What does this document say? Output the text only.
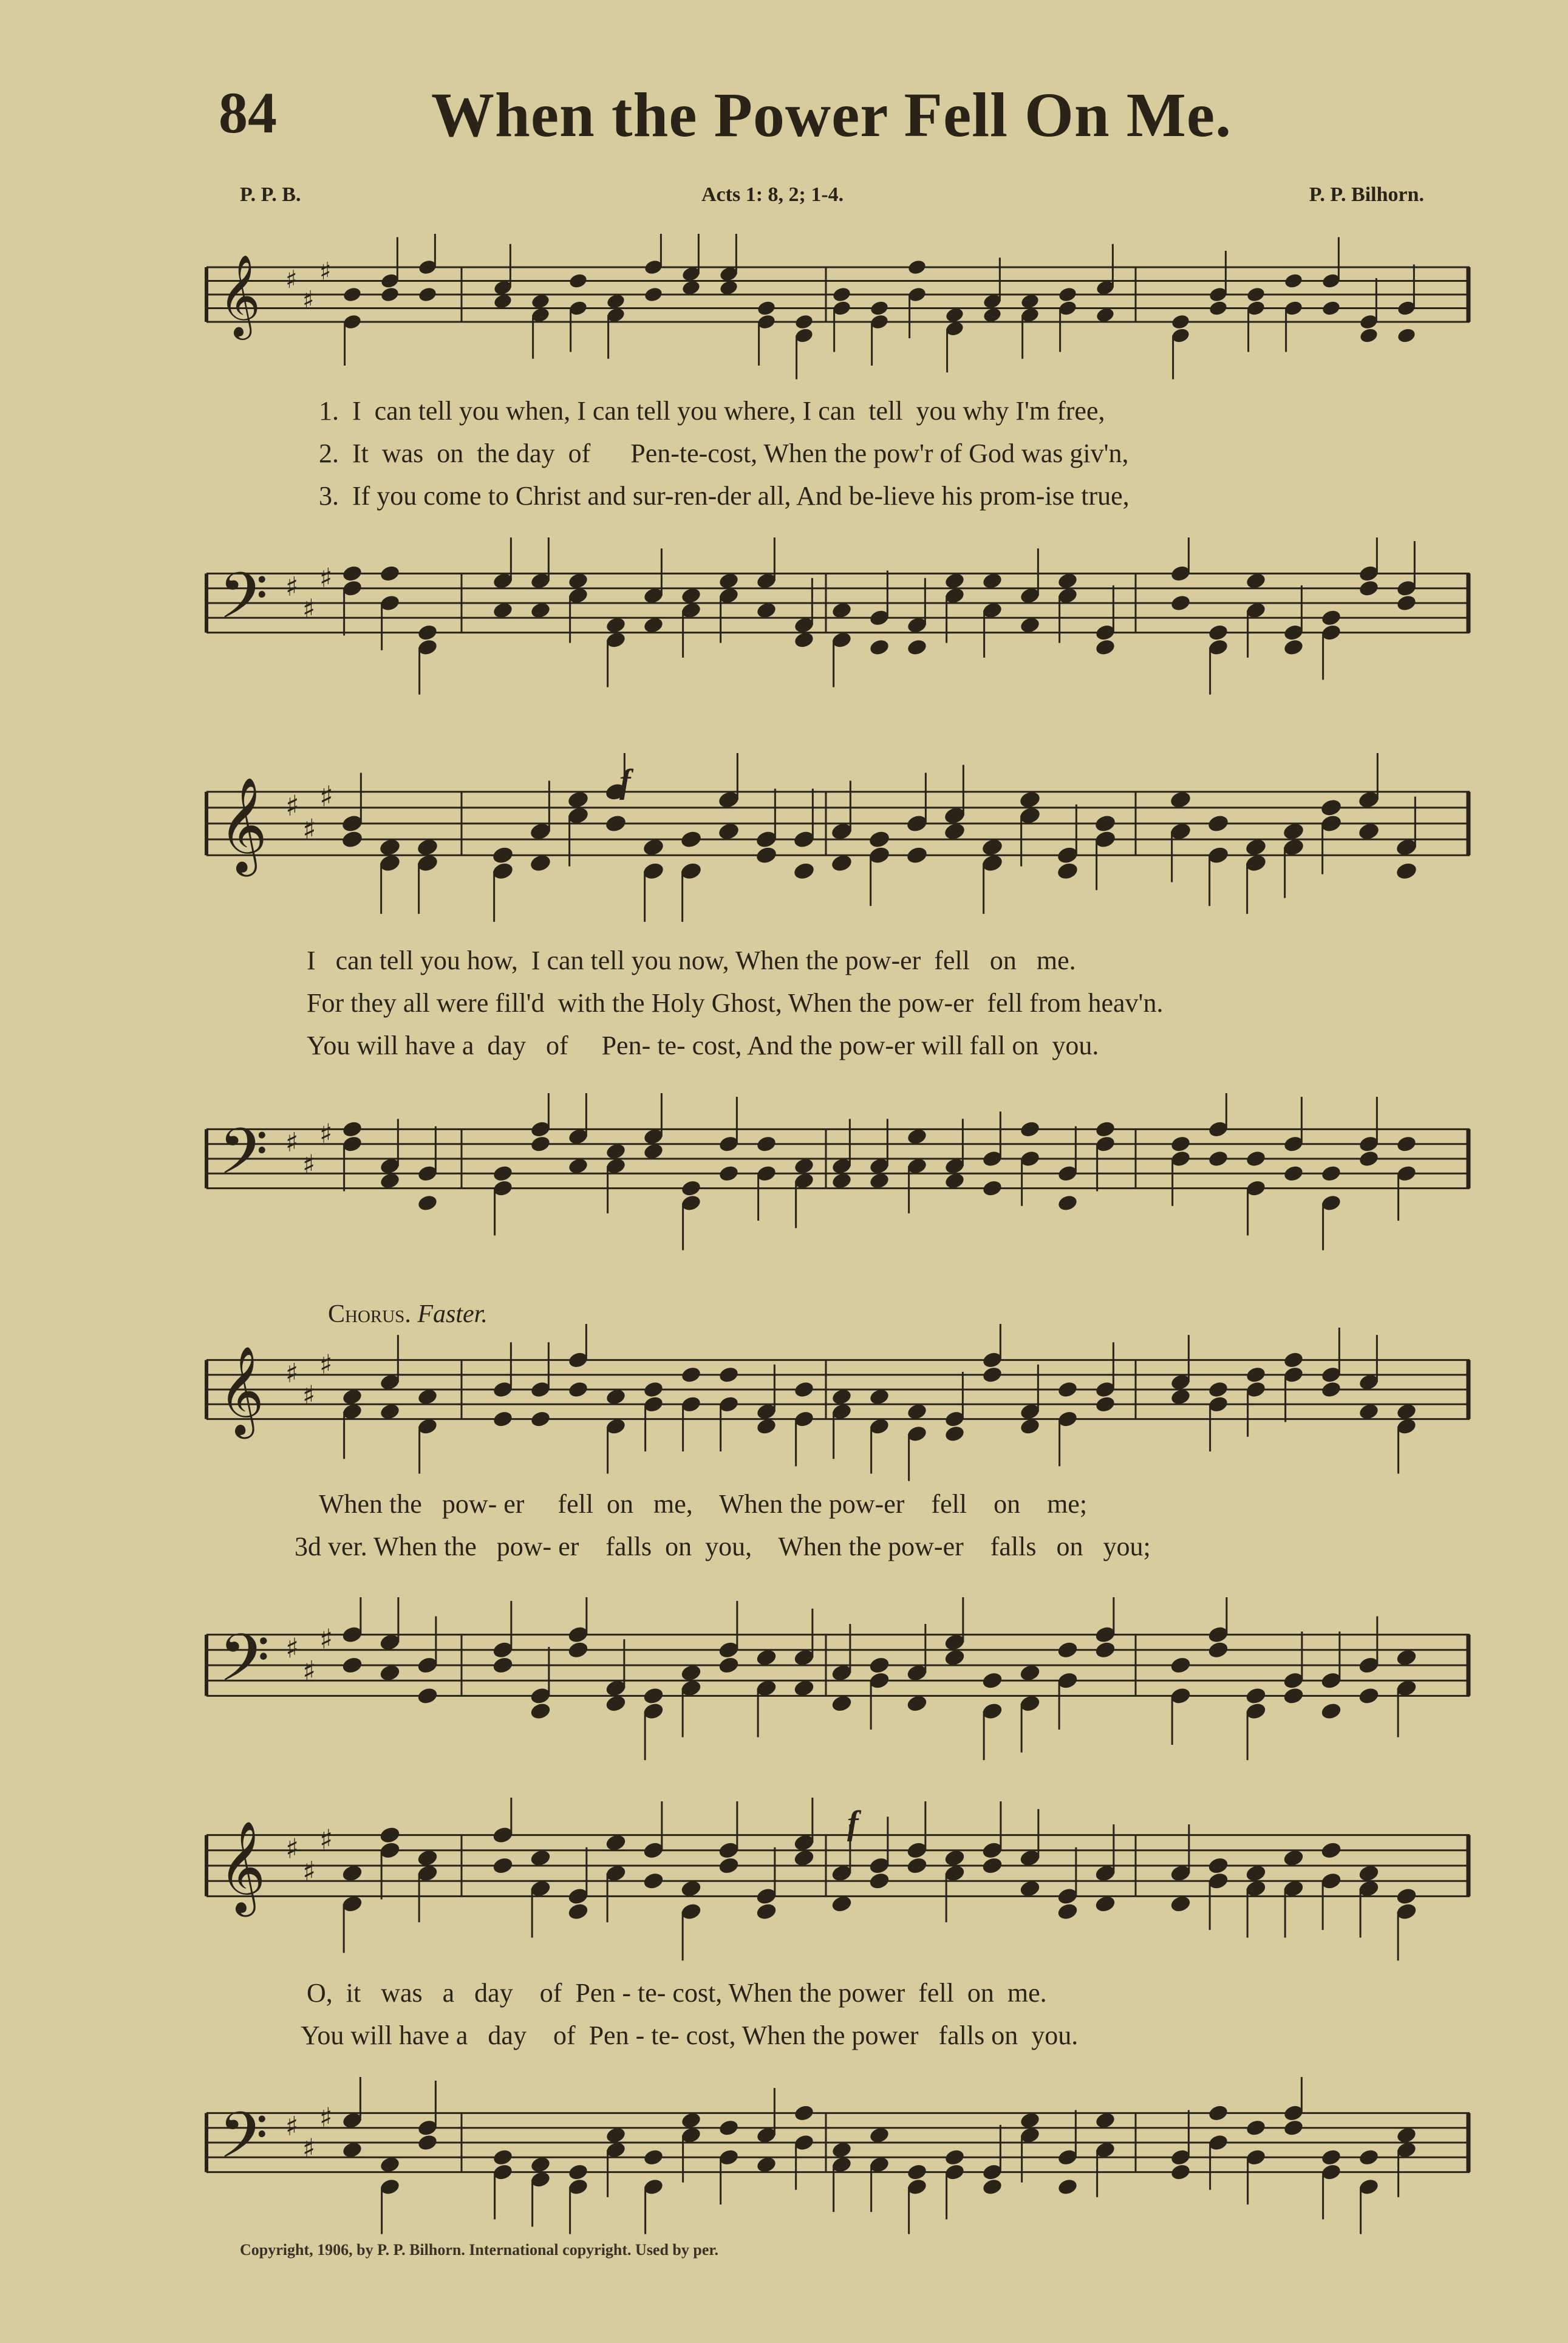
84 When the Power Fell On Me.
P. P. B.	Acts 1: 8, 2; 1-4.	P. P. Bilhorn.
𝄞 ♯
♯
♯
1.  I  can tell you when, I can tell you where, I can  tell  you why I'm free,
2.  It  was  on  the day  of      Pen-te-cost, When the pow'r of God was giv'n,
3.  If you come to Christ and sur-ren-der all, And be-lieve his prom-ise true,
𝄢 ♯
♯
♯
𝄞 ♯
♯
♯	f
I   can tell you how,  I can tell you now, When the pow-er  fell   on   me.
For they all were fill'd  with the Holy Ghost, When the pow-er  fell from heav'n.
You will have a  day   of     Pen- te- cost, And the pow-er will fall on  you.
𝄢 ♯
♯
♯
Chorus. Faster.
𝄞 ♯
♯
♯
When the   pow- er     fell  on   me,    When the pow-er    fell    on    me;
3d ver. When the   pow- er    falls  on  you,    When the pow-er    falls   on   you;
𝄢 ♯
♯
♯
𝄞 ♯
♯
♯	f
O,  it   was   a   day    of  Pen - te- cost, When the power  fell  on  me.
You will have a   day    of  Pen - te- cost, When the power   falls on  you.
𝄢 ♯
♯
♯
Copyright, 1906, by P. P. Bilhorn. International copyright. Used by per.
